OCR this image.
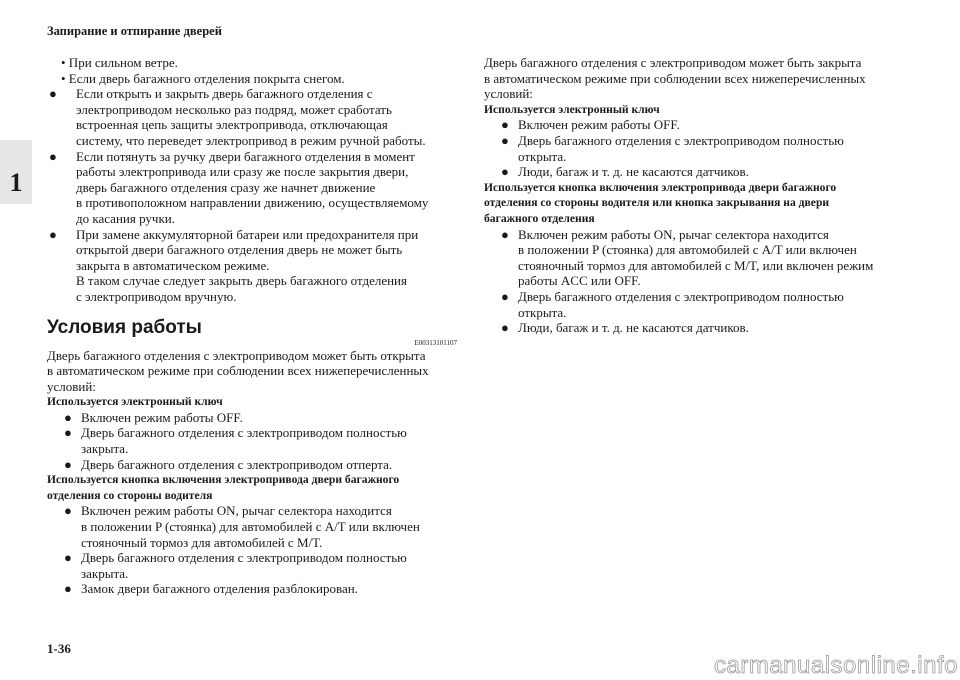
Запирание и отпирание дверей
1
• При сильном ветре.
• Если дверь багажного отделения покрыта снегом.
● Если открыть и закрыть дверь багажного отделения с
электроприводом несколько раз подряд, может сработать
встроенная цепь защиты электропривода, отключающая
систему, что переведет электропривод в режим ручной работы.
● Если потянуть за ручку двери багажного отделения в момент
работы электропривода или сразу же после закрытия двери,
дверь багажного отделения сразу же начнет движение
в противоположном направлении движению, осуществляемому
до касания ручки.
● При замене аккумуляторной батареи или предохранителя при
открытой двери багажного отделения дверь не может быть
закрыта в автоматическом режиме.
В таком случае следует закрыть дверь багажного отделения
с электроприводом вручную.
Условия работы
E00313101107
Дверь багажного отделения с электроприводом может быть открыта
в автоматическом режиме при соблюдении всех нижеперечисленных
условий:
Используется электронный ключ
● Включен режим работы OFF.
● Дверь багажного отделения с электроприводом полностью
закрыта.
● Дверь багажного отделения с электроприводом отперта.
Используется кнопка включения электропривода двери багажного
отделения со стороны водителя
● Включен режим работы ON, рычаг селектора находится
в положении P (стоянка) для автомобилей с A/T или включен
стояночный тормоз для автомобилей с M/T.
● Дверь багажного отделения с электроприводом полностью
закрыта.
● Замок двери багажного отделения разблокирован.
Дверь багажного отделения с электроприводом может быть закрыта
в автоматическом режиме при соблюдении всех нижеперечисленных
условий:
Используется электронный ключ
● Включен режим работы OFF.
● Дверь багажного отделения с электроприводом полностью
открыта.
● Люди, багаж и т. д. не касаются датчиков.
Используется кнопка включения электропривода двери багажного
отделения со стороны водителя или кнопка закрывания на двери
багажного отделения
● Включен режим работы ON, рычаг селектора находится
в положении P (стоянка) для автомобилей с A/T или включен
стояночный тормоз для автомобилей с M/T, или включен режим
работы ACC или OFF.
● Дверь багажного отделения с электроприводом полностью
открыта.
● Люди, багаж и т. д. не касаются датчиков.
1-36
carmanualsonline.info
